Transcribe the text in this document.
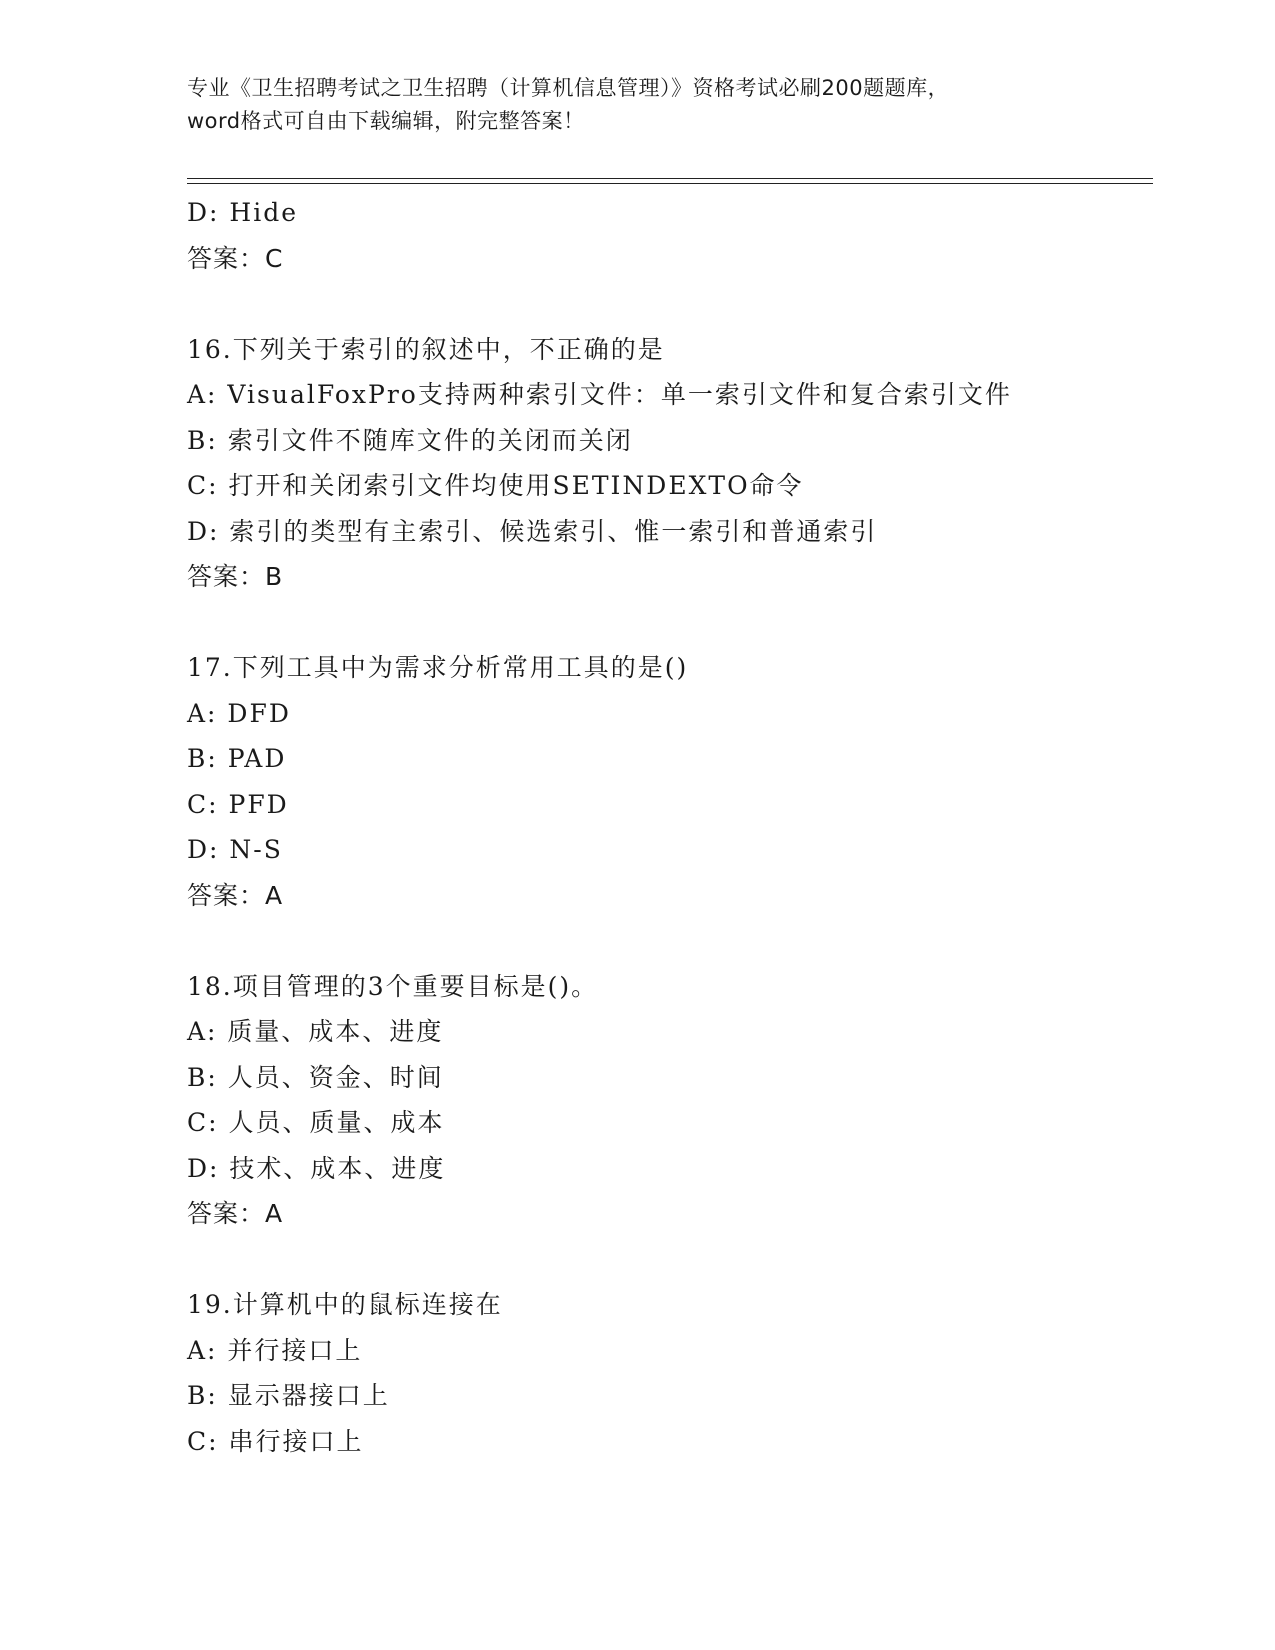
专业《卫生招聘考试之卫生招聘（计算机信息管理）》资格考试必刷200题题库，
word格式可自由下载编辑，附完整答案！
D: Hide
答案：C
16.下列关于索引的叙述中，不正确的是
A: VisualFoxPro支持两种索引文件：单一索引文件和复合索引文件
B: 索引文件不随库文件的关闭而关闭
C: 打开和关闭索引文件均使用SETINDEXTO命令
D: 索引的类型有主索引、候选索引、惟一索引和普通索引
答案：B
17.下列工具中为需求分析常用工具的是()
A: DFD
B: PAD
C: PFD
D: N-S
答案：A
18.项目管理的3个重要目标是()。
A: 质量、成本、进度
B: 人员、资金、时间
C: 人员、质量、成本
D: 技术、成本、进度
答案：A
19.计算机中的鼠标连接在
A: 并行接口上
B: 显示器接口上
C: 串行接口上
